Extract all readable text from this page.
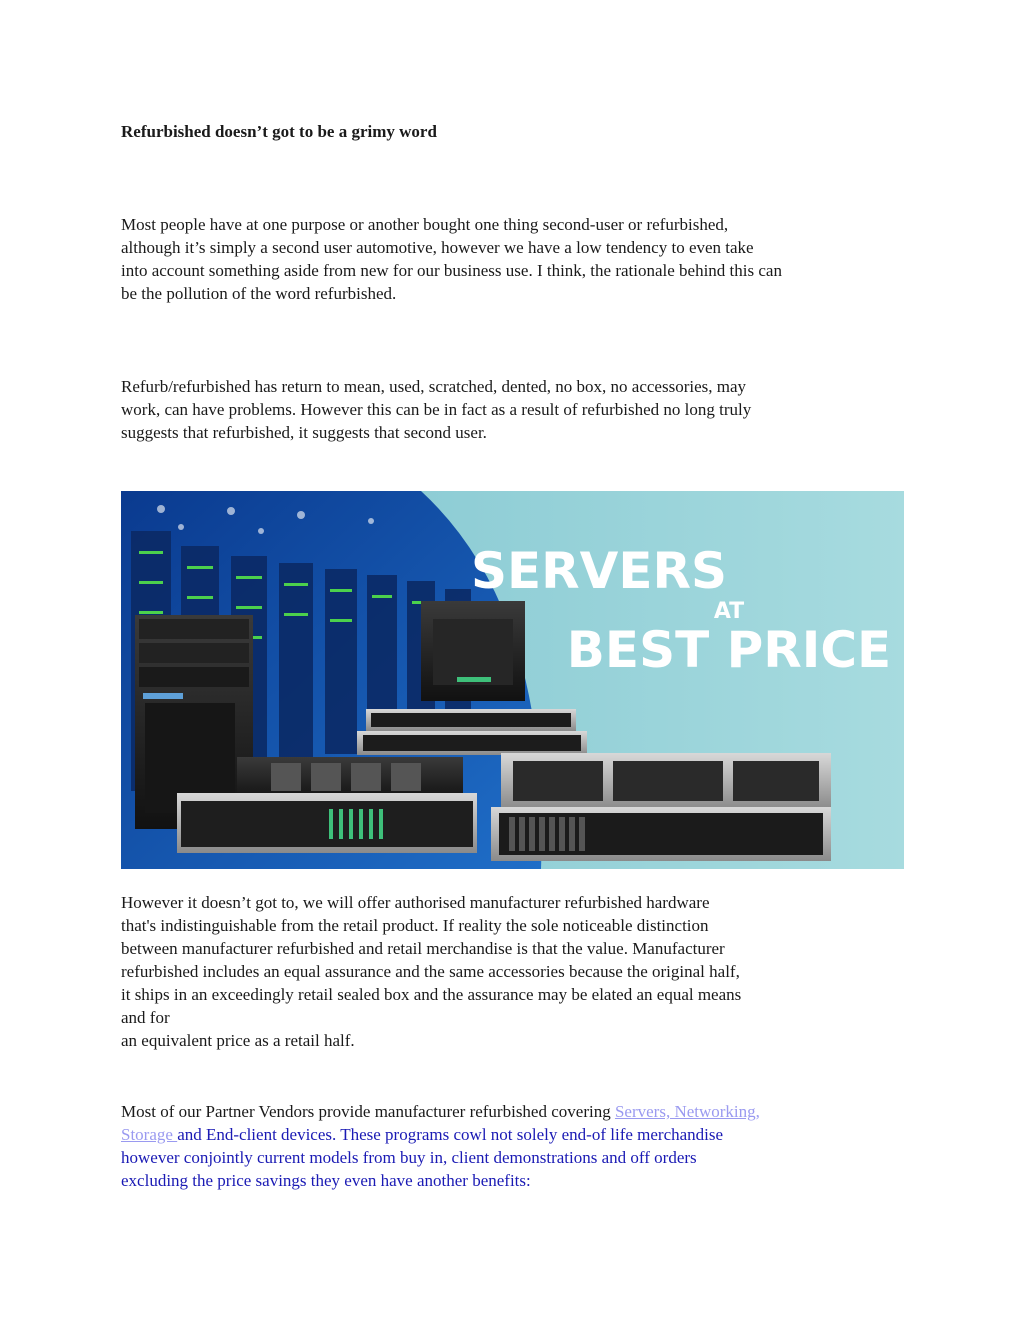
Refurbished doesn’t got to be a grimy word

Most people have at one purpose or another bought one thing second-user or refurbished,
although it’s simply a second user automotive, however we have a low tendency to even take
into account something aside from new for our business use. I think, the rationale behind this can
be the pollution of the word refurbished.

Refurb/refurbished has return to mean, used, scratched, dented, no box, no accessories, may
work, can have problems. However this can be in fact as a result of refurbished no long truly
suggests that refurbished, it suggests that second user.

SERVERS
AT
BEST PRICE

However it doesn’t got to, we will offer authorised manufacturer refurbished hardware
that's indistinguishable from the retail product. If reality the sole noticeable distinction
between manufacturer refurbished and retail merchandise is that the value. Manufacturer
refurbished includes an equal assurance and the same accessories because the original half,
it ships in an exceedingly retail sealed box and the assurance may be elated an equal means
and for
an equivalent price as a retail half.

Most of our Partner Vendors provide manufacturer refurbished covering Servers, Networking,
Storage and End-client devices. These programs cowl not solely end-of life merchandise
however conjointly current models from buy in, client demonstrations and off orders
excluding the price savings they even have another benefits:
